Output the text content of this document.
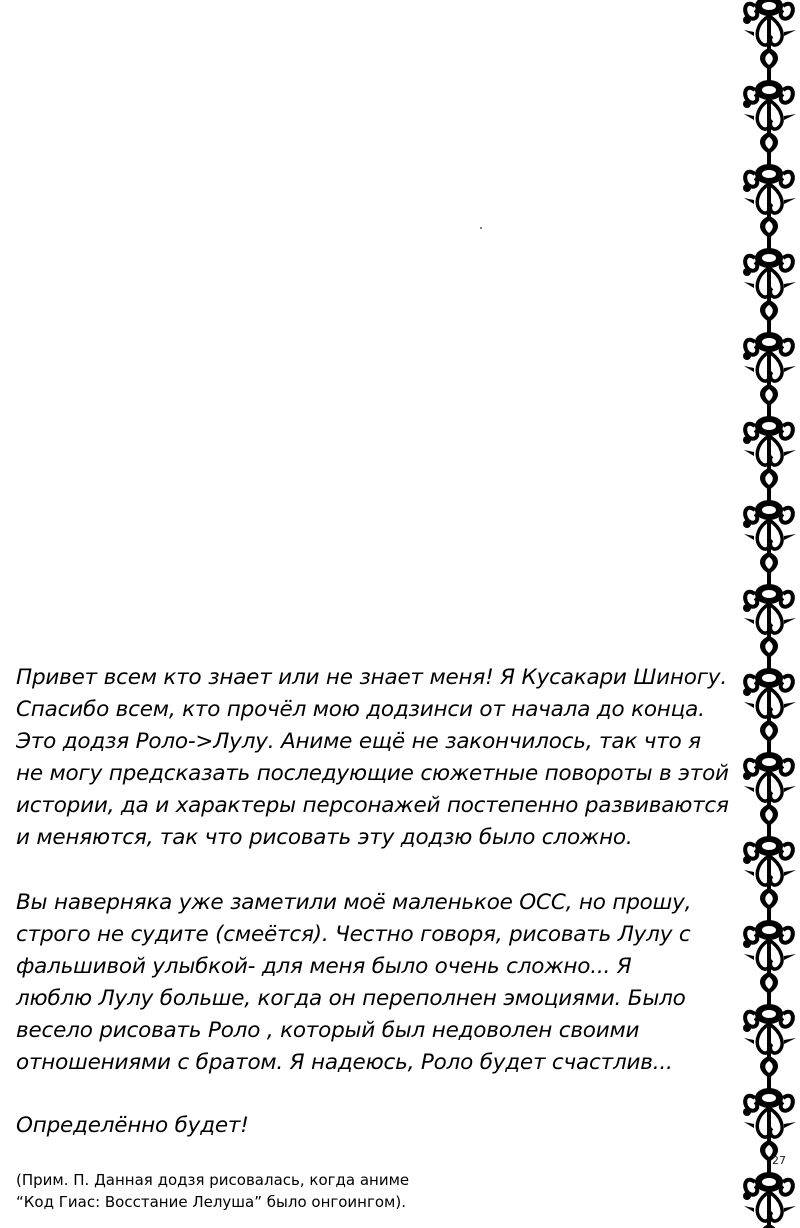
Привет всем кто знает или не знает меня! Я Кусакари Шиногу.
Спасибо всем, кто прочёл мою додзинси от начала до конца.
Это додзя Роло->Лулу. Аниме ещё не закончилось, так что я
не могу предсказать последующие сюжетные повороты в этой
истории, да и характеры персонажей постепенно развиваются
и меняются, так что рисовать эту додзю было сложно.

Вы наверняка уже заметили моё маленькое ОСС, но прошу,
строго не судите (смеётся). Честно говоря, рисовать Лулу с
фальшивой улыбкой- для меня было очень сложно... Я
люблю Лулу больше, когда он переполнен эмоциями. Было
весело рисовать Роло , который был недоволен своими
отношениями с братом. Я надеюсь, Роло будет счастлив...

Определённо будет!

(Прим. П. Данная додзя рисовалась, когда аниме
“Код Гиас: Восстание Лелуша” было онгоингом).

27
